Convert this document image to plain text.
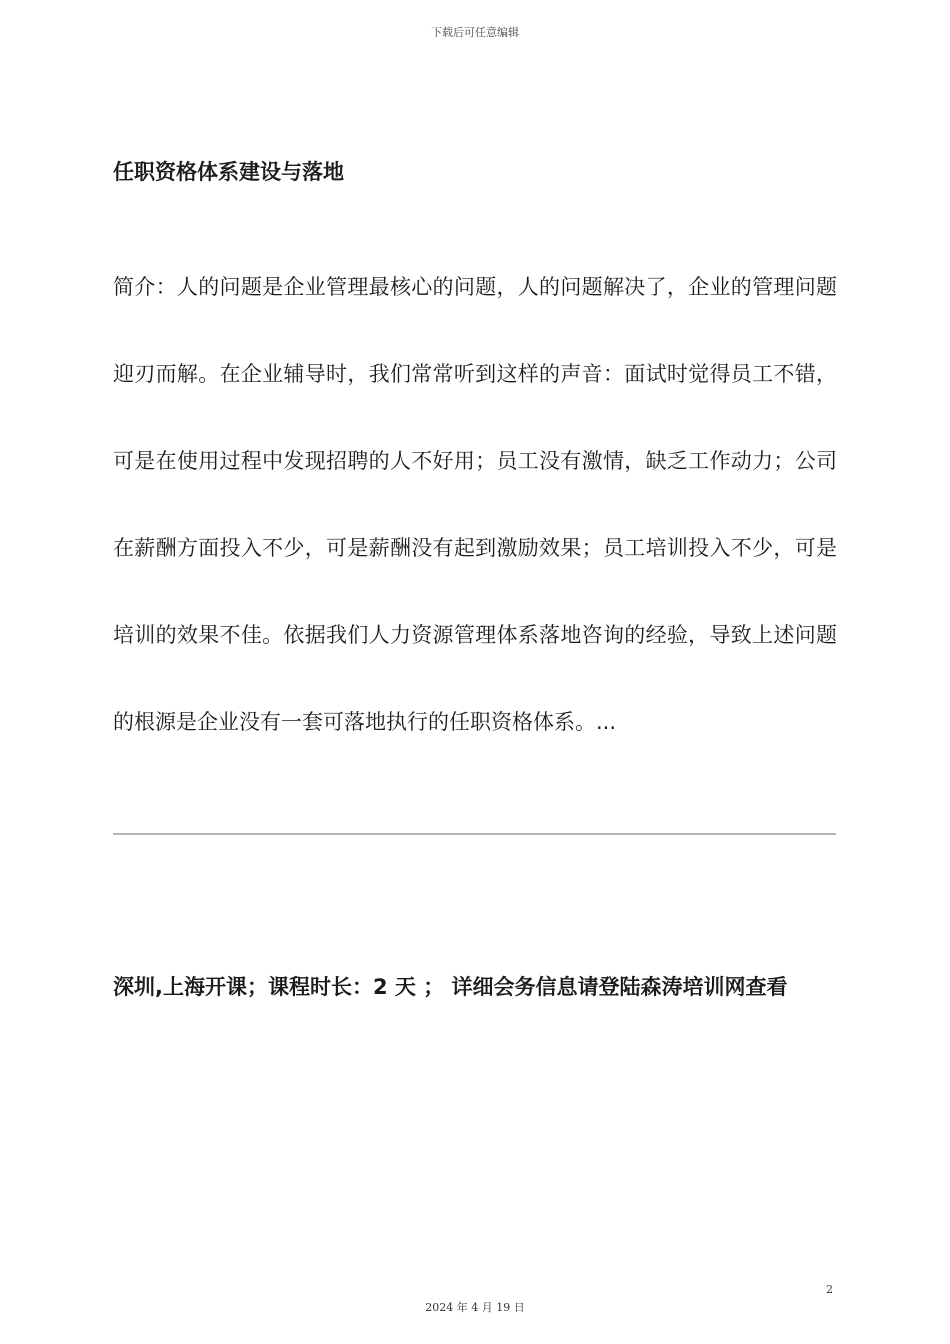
下载后可任意编辑
任职资格体系建设与落地
简介：人的问题是企业管理最核心的问题，人的问题解决了，企业的管理问题迎刃而解。在企业辅导时，我们常常听到这样的声音：面试时觉得员工不错，可是在使用过程中发现招聘的人不好用；员工没有激情，缺乏工作动力；公司在薪酬方面投入不少，可是薪酬没有起到激励效果；员工培训投入不少，可是培训的效果不佳。依据我们人力资源管理体系落地咨询的经验，导致上述问题的根源是企业没有一套可落地执行的任职资格体系。...
深圳,上海开课；课程时长：2 天 ； 详细会务信息请登陆森涛培训网查看
2
2024 年 4 月 19 日
